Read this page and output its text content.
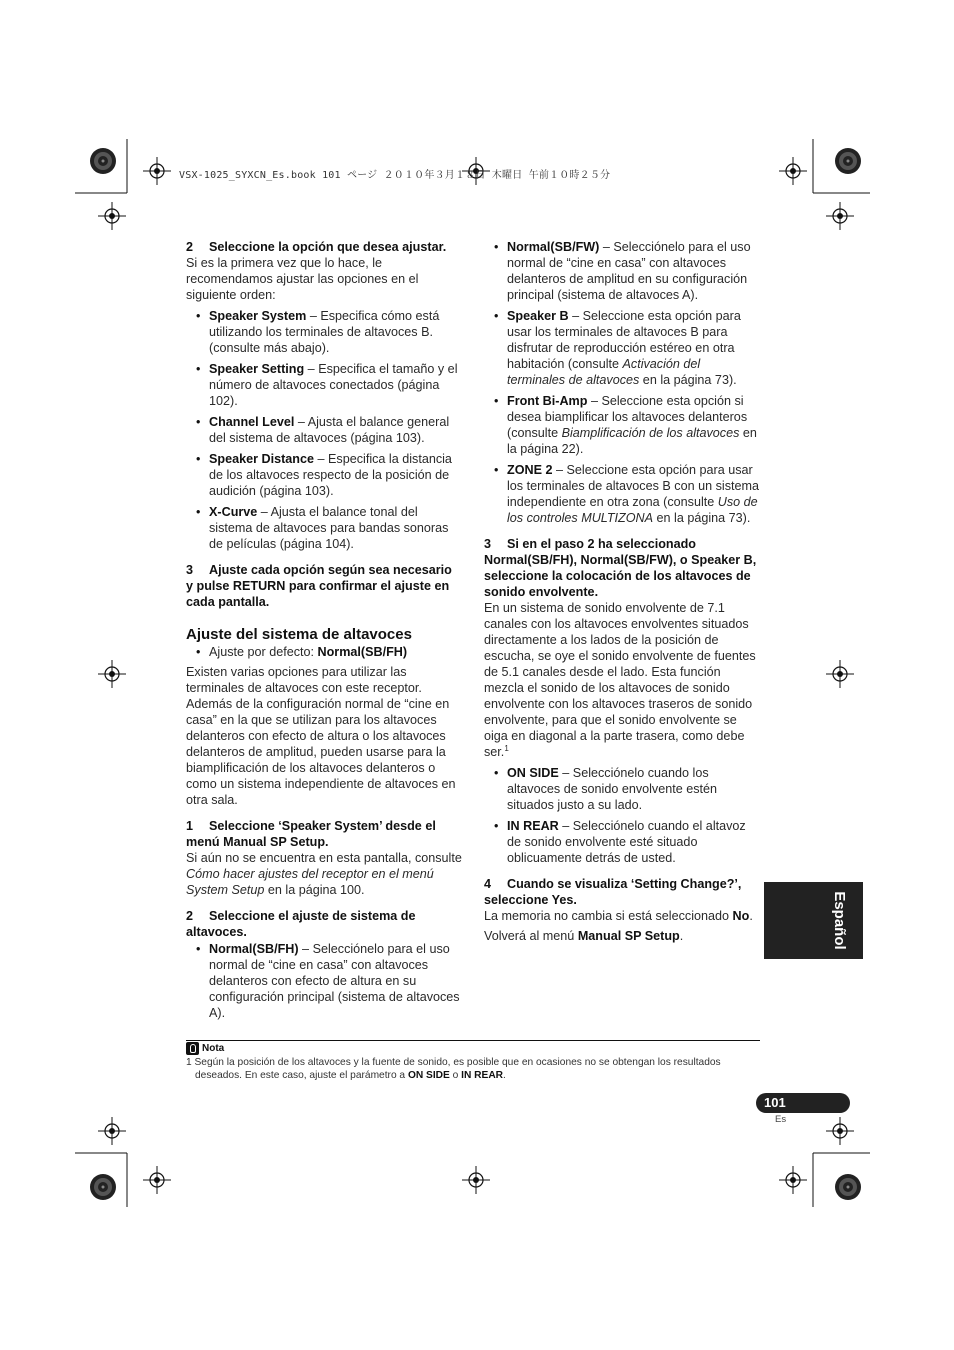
VSX-1025_SYXCN_Es.book 101 ページ ２０１０年３月１８日 木曜日 午前１０時２５分

2 Seleccione la opción que desea ajustar.

Si es la primera vez que lo hace, le recomendamos ajustar las opciones en el siguiente orden:

• Speaker System – Especifica cómo está utilizando los terminales de altavoces B. (consulte más abajo).
• Speaker Setting – Especifica el tamaño y el número de altavoces conectados (página 102).
• Channel Level – Ajusta el balance general del sistema de altavoces (página 103).
• Speaker Distance – Especifica la distancia de los altavoces respecto de la posición de audición (página 103).
• X-Curve – Ajusta el balance tonal del sistema de altavoces para bandas sonoras de películas (página 104).

3 Ajuste cada opción según sea necesario y pulse RETURN para confirmar el ajuste en cada pantalla.

Ajuste del sistema de altavoces

• Ajuste por defecto: Normal(SB/FH)

Existen varias opciones para utilizar las terminales de altavoces con este receptor. Además de la configuración normal de “cine en casa” en la que se utilizan para los altavoces delanteros con efecto de altura o los altavoces delanteros de amplitud, pueden usarse para la biamplificación de los altavoces delanteros o como un sistema independiente de altavoces en otra sala.

1 Seleccione ‘Speaker System’ desde el menú Manual SP Setup.

Si aún no se encuentra en esta pantalla, consulte Cómo hacer ajustes del receptor en el menú System Setup en la página 100.

2 Seleccione el ajuste de sistema de altavoces.

• Normal(SB/FH) – Selecciónelo para el uso normal de “cine en casa” con altavoces delanteros con efecto de altura en su configuración principal (sistema de altavoces A).
• Normal(SB/FW) – Selecciónelo para el uso normal de “cine en casa” con altavoces delanteros de amplitud en su configuración principal (sistema de altavoces A).
• Speaker B – Seleccione esta opción para usar los terminales de altavoces B para disfrutar de reproducción estéreo en otra habitación (consulte Activación del terminales de altavoces en la página 73).
• Front Bi-Amp – Seleccione esta opción si desea biamplificar los altavoces delanteros (consulte Biamplificación de los altavoces en la página 22).
• ZONE 2 – Seleccione esta opción para usar los terminales de altavoces B con un sistema independiente en otra zona (consulte Uso de los controles MULTIZONA en la página 73).

3 Si en el paso 2 ha seleccionado Normal(SB/FH), Normal(SB/FW), o Speaker B, seleccione la colocación de los altavoces de sonido envolvente.

En un sistema de sonido envolvente de 7.1 canales con los altavoces envolventes situados directamente a los lados de la posición de escucha, se oye el sonido envolvente de fuentes de 5.1 canales desde el lado. Esta función mezcla el sonido de los altavoces de sonido envolvente con los altavoces traseros de sonido envolvente, para que el sonido envolvente se oiga en diagonal a la parte trasera, como debe ser.$^1$

• ON SIDE – Selecciónelo cuando los altavoces de sonido envolvente estén situados justo a su lado.
• IN REAR – Selecciónelo cuando el altavoz de sonido envolvente esté situado oblicuamente detrás de usted.

4 Cuando se visualiza ‘Setting Change?’, seleccione Yes.

La memoria no cambia si está seleccionado No.

Volverá al menú Manual SP Setup.

Nota

1 Según la posición de los altavoces y la fuente de sonido, es posible que en ocasiones no se obtengan los resultados deseados. En este caso, ajuste el parámetro a ON SIDE o IN REAR.

Español
101
Es
